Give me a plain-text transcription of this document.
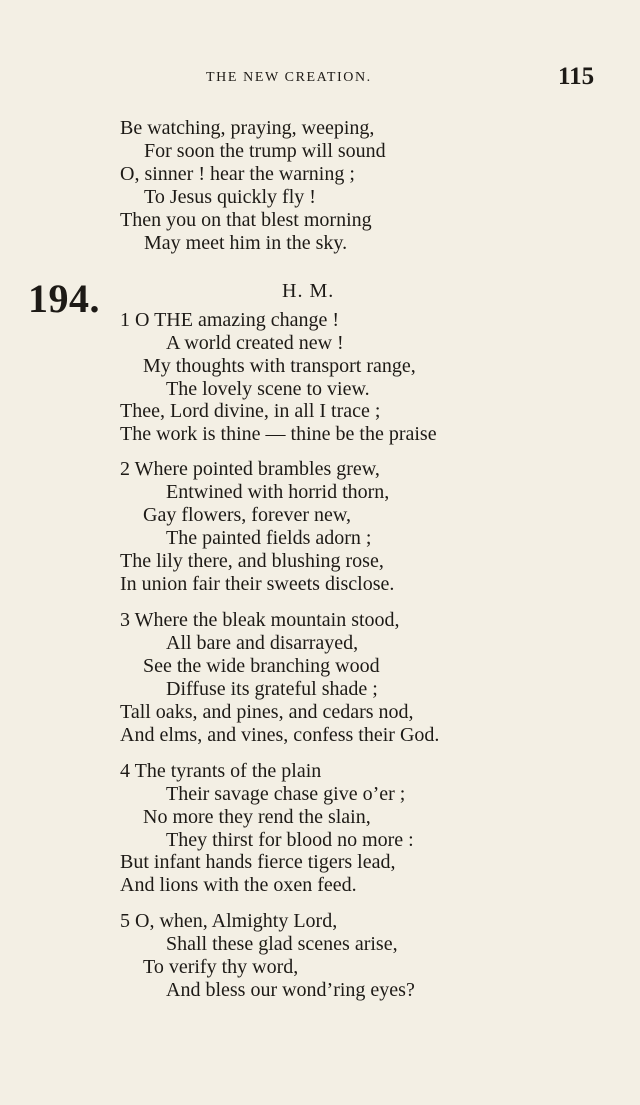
THE NEW CREATION.	115
Be watching, praying, weeping,
For soon the trump will sound
O, sinner ! hear the warning ;
To Jesus quickly fly !
Then you on that blest morning
May meet him in the sky.
194.	H. M.
1 O THE amazing change !
A world created new !
My thoughts with transport range,
The lovely scene to view.
Thee, Lord divine, in all I trace ;
The work is thine — thine be the praise
2 Where pointed brambles grew,
Entwined with horrid thorn,
Gay flowers, forever new,
The painted fields adorn ;
The lily there, and blushing rose,
In union fair their sweets disclose.
3 Where the bleak mountain stood,
All bare and disarrayed,
See the wide branching wood
Diffuse its grateful shade ;
Tall oaks, and pines, and cedars nod,
And elms, and vines, confess their God.
4 The tyrants of the plain
Their savage chase give o’er ;
No more they rend the slain,
They thirst for blood no more :
But infant hands fierce tigers lead,
And lions with the oxen feed.
5 O, when, Almighty Lord,
Shall these glad scenes arise,
To verify thy word,
And bless our wond’ring eyes?
